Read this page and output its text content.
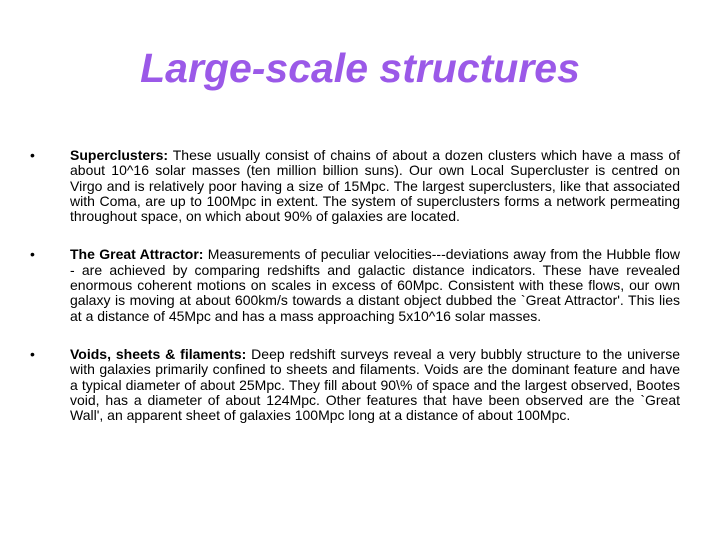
Large-scale structures
•	Superclusters: These usually consist of chains of about a dozen clusters which have a mass of about 10^16 solar masses (ten million billion suns). Our own Local Supercluster is centred on Virgo and is relatively poor having a size of 15Mpc. The largest superclusters, like that associated with Coma, are up to 100Mpc in extent. The system of superclusters forms a network permeating throughout space, on which about 90% of galaxies are located.
•	The Great Attractor: Measurements of peculiar velocities---deviations away from the Hubble flow - are achieved by comparing redshifts and galactic distance indicators. These have revealed enormous coherent motions on scales in excess of 60Mpc. Consistent with these flows, our own galaxy is moving at about 600km/s towards a distant object dubbed the `Great Attractor'. This lies at a distance of 45Mpc and has a mass approaching 5x10^16 solar masses.
•	Voids, sheets & filaments: Deep redshift surveys reveal a very bubbly structure to the universe with galaxies primarily confined to sheets and filaments. Voids are the dominant feature and have a typical diameter of about 25Mpc. They fill about 90\% of space and the largest observed, Bootes void, has a diameter of about 124Mpc. Other features that have been observed are the `Great Wall', an apparent sheet of galaxies 100Mpc long at a distance of about 100Mpc.
